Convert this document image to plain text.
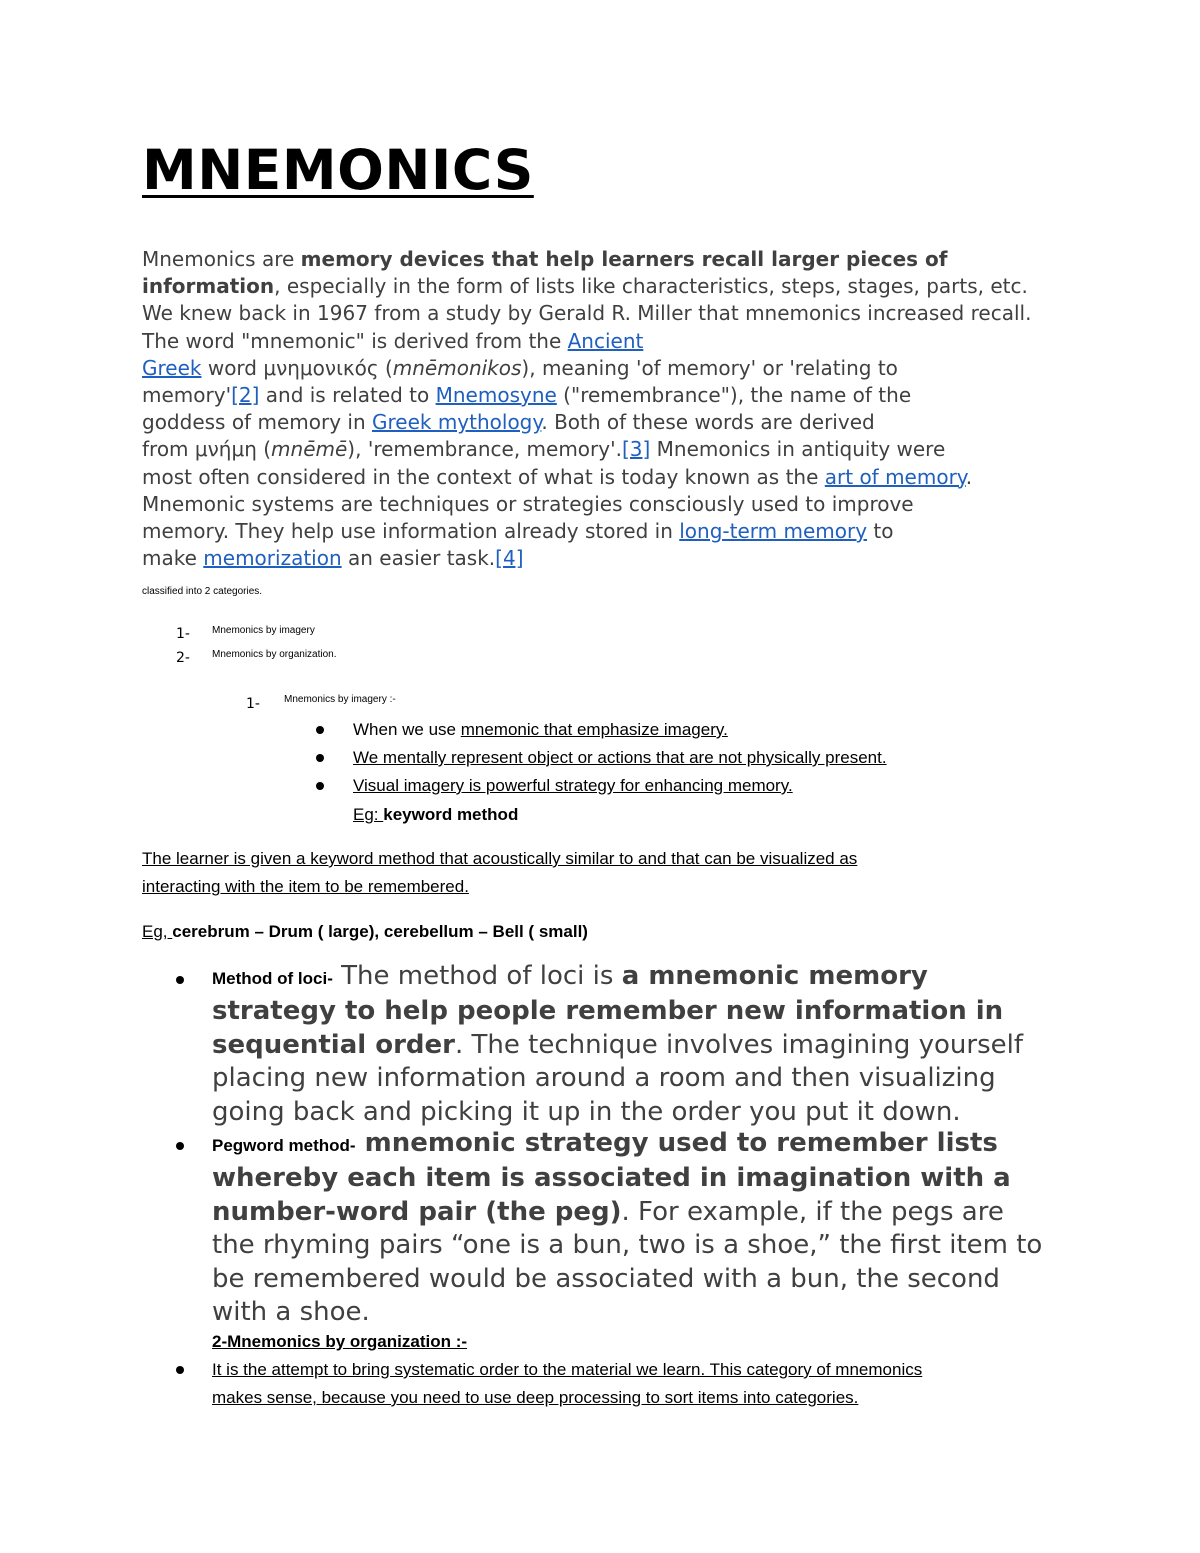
MNEMONICS
Mnemonics are memory devices that help learners recall larger pieces of
information, especially in the form of lists like characteristics, steps, stages, parts, etc.
We knew back in 1967 from a study by Gerald R. Miller that mnemonics increased recall.
The word "mnemonic" is derived from the Ancient
Greek word μνημονικός (mnēmonikos), meaning 'of memory' or 'relating to
memory'[2] and is related to Mnemosyne ("remembrance"), the name of the
goddess of memory in Greek mythology. Both of these words are derived
from μνήμη (mnēmē), 'remembrance, memory'.[3] Mnemonics in antiquity were
most often considered in the context of what is today known as the art of memory.
Mnemonic systems are techniques or strategies consciously used to improve
memory. They help use information already stored in long-term memory to
make memorization an easier task.[4]
classified into 2 categories.
1- Mnemonics by imagery
2- Mnemonics by organization.
1- Mnemonics by imagery :-
When we use mnemonic that emphasize imagery.
We mentally represent object or actions that are not physically present.
Visual imagery is powerful strategy for enhancing memory.
Eg: keyword method
The learner is given a keyword method that acoustically similar to and that can be visualized as
interacting with the item to be remembered.
Eg, cerebrum – Drum ( large), cerebellum – Bell ( small)
Method of loci- The method of loci is a mnemonic memory
strategy to help people remember new information in
sequential order. The technique involves imagining yourself
placing new information around a room and then visualizing
going back and picking it up in the order you put it down.
Pegword method- mnemonic strategy used to remember lists
whereby each item is associated in imagination with a
number-word pair (the peg). For example, if the pegs are
the rhyming pairs “one is a bun, two is a shoe,” the first item to
be remembered would be associated with a bun, the second
with a shoe.
2-Mnemonics by organization :-
It is the attempt to bring systematic order to the material we learn. This category of mnemonics
makes sense, because you need to use deep processing to sort items into categories.
